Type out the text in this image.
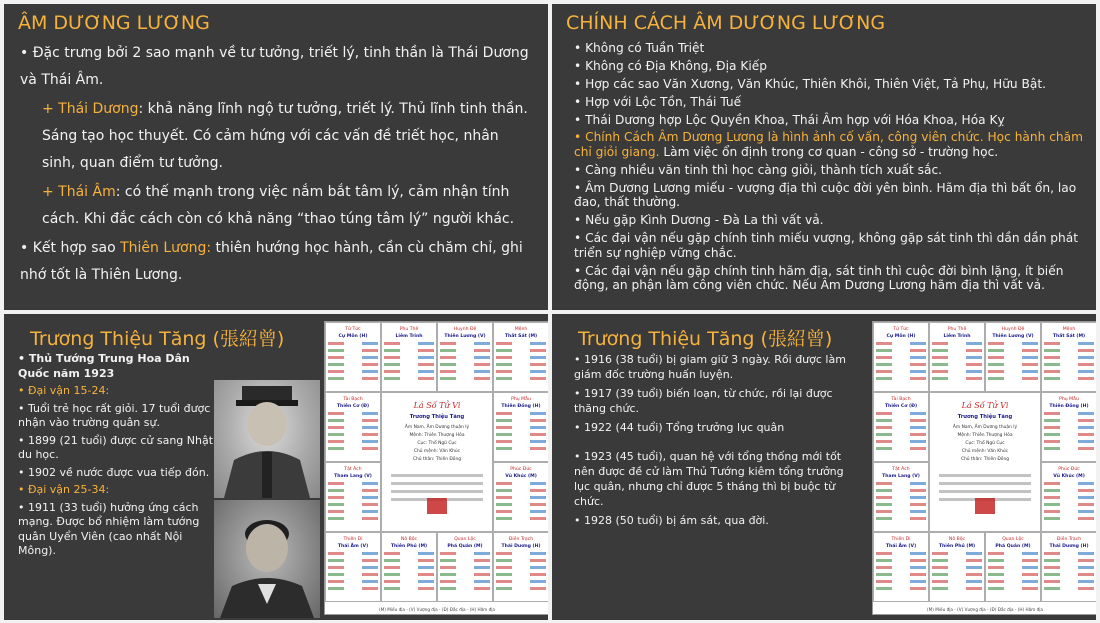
ÂM DƯƠNG LƯƠNG
• Đặc trưng bởi 2 sao mạnh về tư tưởng, triết lý, tinh thần là Thái Dương và Thái Âm.
+ Thái Dương: khả năng lĩnh ngộ tư tưởng, triết lý. Thủ lĩnh tinh thần. Sáng tạo học thuyết. Có cảm hứng với các vấn đề triết học, nhân sinh, quan điểm tư tưởng.
+ Thái Âm: có thế mạnh trong việc nắm bắt tâm lý, cảm nhận tính cách. Khi đắc cách còn có khả năng “thao túng tâm lý” người khác.
• Kết hợp sao Thiên Lương: thiên hướng học hành, cần cù chăm chỉ, ghi nhớ tốt là Thiên Lương.
CHÍNH CÁCH ÂM DƯƠNG LƯƠNG
• Không có Tuần Triệt
• Không có Địa Không, Địa Kiếp
• Hợp các sao Văn Xương, Văn Khúc, Thiên Khôi, Thiên Việt, Tả Phụ, Hữu Bật.
• Hợp với Lộc Tồn, Thái Tuế
• Thái Dương hợp Lộc Quyền Khoa, Thái Âm hợp với Hóa Khoa, Hóa Kỵ
• Chính Cách Âm Dương Lương là hình ảnh cố vấn, công viên chức. Học hành chăm chỉ giỏi giang. Làm việc ổn định trong cơ quan - công sở - trường học.
• Càng nhiều văn tinh thì học càng giỏi, thành tích xuất sắc.
• Âm Dương Lương miếu - vượng địa thì cuộc đời yên bình. Hãm địa thì bất ổn, lao đao, thất thường.
• Nếu gặp Kình Dương - Đà La thì vất vả.
• Các đại vận nếu gặp chính tinh miếu vượng, không gặp sát tinh thì dần dần phát triển sự nghiệp vững chắc.
• Các đại vận nếu gặp chính tinh hãm địa, sát tinh thì cuộc đời bình lặng, ít biến động, an phận làm công viên chức. Nếu Âm Dương Lương hãm địa thì vất vả.
Trương Thiệu Tăng (張紹曾)
• Thủ Tướng Trung Hoa Dân Quốc năm 1923
• Đại vận 15-24:
• Tuổi trẻ học rất giỏi. 17 tuổi được nhận vào trường quân sự.
• 1899 (21 tuổi) được cử sang Nhật du học.
• 1902 về nước được vua tiếp đón.
• Đại vận 25-34:
• 1911 (33 tuổi) hưởng ứng cách mạng. Được bổ nhiệm làm tướng quân Uyển Viên (cao nhất Nội Mông).
Tử Tức
Cự Môn (H)
Phu Thê
Liêm Trinh
Huynh Đệ
Thiên Lương (V)
Mệnh
Thất Sát (M)
Phụ Mẫu
Thiên Đồng (H)
Phúc Đức
Vũ Khúc (M)
Điền Trạch
Thái Dương (H)
Quan Lộc
Phá Quân (M)
Nô Bộc
Thiên Phủ (M)
Thiên Di
Thái Âm (V)
Tật Ách
Tham Lang (V)
Tài Bạch
Thiên Cơ (Đ)	Lá Số Tử Vi
Trương Thiệu Tăng
Âm Nam, Âm Dương thuận lý
Mệnh: Thiên Thượng Hỏa
Cục: Thổ Ngũ Cục
Chủ mệnh: Văn Khúc
Chủ thân: Thiên Đồng
(M) Miếu địa - (V) Vượng địa - (Đ) Đắc địa - (H) Hãm địa
Trương Thiệu Tăng (張紹曾)
• 1916 (38 tuổi) bị giam giữ 3 ngày. Rồi được làm giám đốc trường huấn luyện.
• 1917 (39 tuổi) biến loạn, từ chức, rồi lại được thăng chức.
• 1922 (44 tuổi) Tổng trưởng lục quân
• 1923 (45 tuổi), quan hệ với tổng thống mới tốt nên được đề cử làm Thủ Tướng kiêm tổng trưởng lục quân, nhưng chỉ được 5 tháng thì bị buộc từ chức.
• 1928 (50 tuổi) bị ám sát, qua đời.
Tử Tức
Cự Môn (H)
Phu Thê
Liêm Trinh
Huynh Đệ
Thiên Lương (V)
Mệnh
Thất Sát (M)
Phụ Mẫu
Thiên Đồng (H)
Phúc Đức
Vũ Khúc (M)
Điền Trạch
Thái Dương (H)
Quan Lộc
Phá Quân (M)
Nô Bộc
Thiên Phủ (M)
Thiên Di
Thái Âm (V)
Tật Ách
Tham Lang (V)
Tài Bạch
Thiên Cơ (Đ)	Lá Số Tử Vi
Trương Thiệu Tăng
Âm Nam, Âm Dương thuận lý
Mệnh: Thiên Thượng Hỏa
Cục: Thổ Ngũ Cục
Chủ mệnh: Văn Khúc
Chủ thân: Thiên Đồng
(M) Miếu địa - (V) Vượng địa - (Đ) Đắc địa - (H) Hãm địa
